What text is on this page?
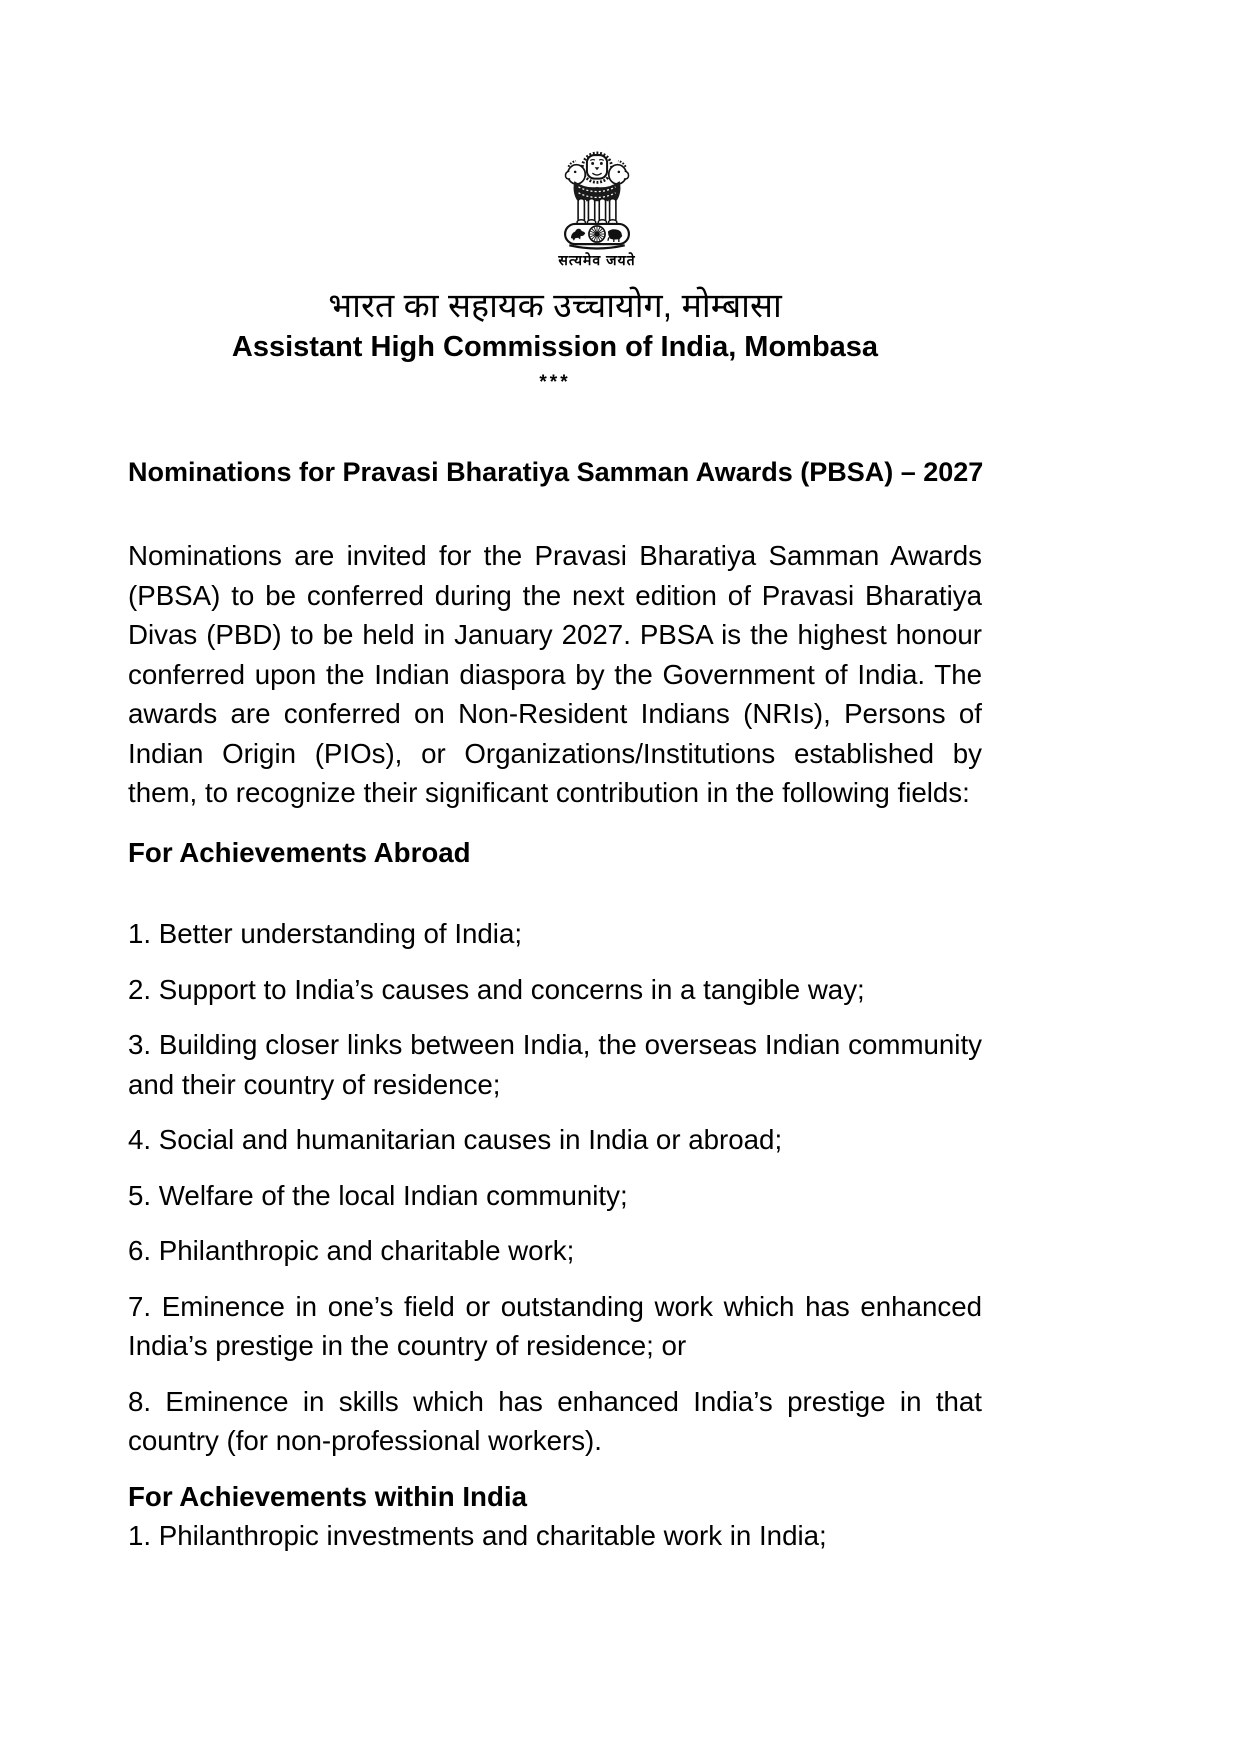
सत्यमेव जयते
भारत का सहायक उच्चायोग, मोम्बासा
Assistant High Commission of India, Mombasa
***
Nominations for Pravasi Bharatiya Samman Awards (PBSA) – 2027

Nominations are invited for the Pravasi Bharatiya Samman Awards (PBSA) to be conferred during the next edition of Pravasi Bharatiya Divas (PBD) to be held in January 2027. PBSA is the highest honour conferred upon the Indian diaspora by the Government of India. The awards are conferred on Non-Resident Indians (NRIs), Persons of Indian Origin (PIOs), or Organizations/Institutions established by them, to recognize their significant contribution in the following fields:

For Achievements Abroad

1. Better understanding of India;

2. Support to India’s causes and concerns in a tangible way;

3. Building closer links between India, the overseas Indian community and their country of residence;

4. Social and humanitarian causes in India or abroad;

5. Welfare of the local Indian community;

6. Philanthropic and charitable work;

7. Eminence in one’s field or outstanding work which has enhanced India’s prestige in the country of residence; or

8. Eminence in skills which has enhanced India’s prestige in that country (for non-professional workers).

For Achievements within India

1. Philanthropic investments and charitable work in India;
